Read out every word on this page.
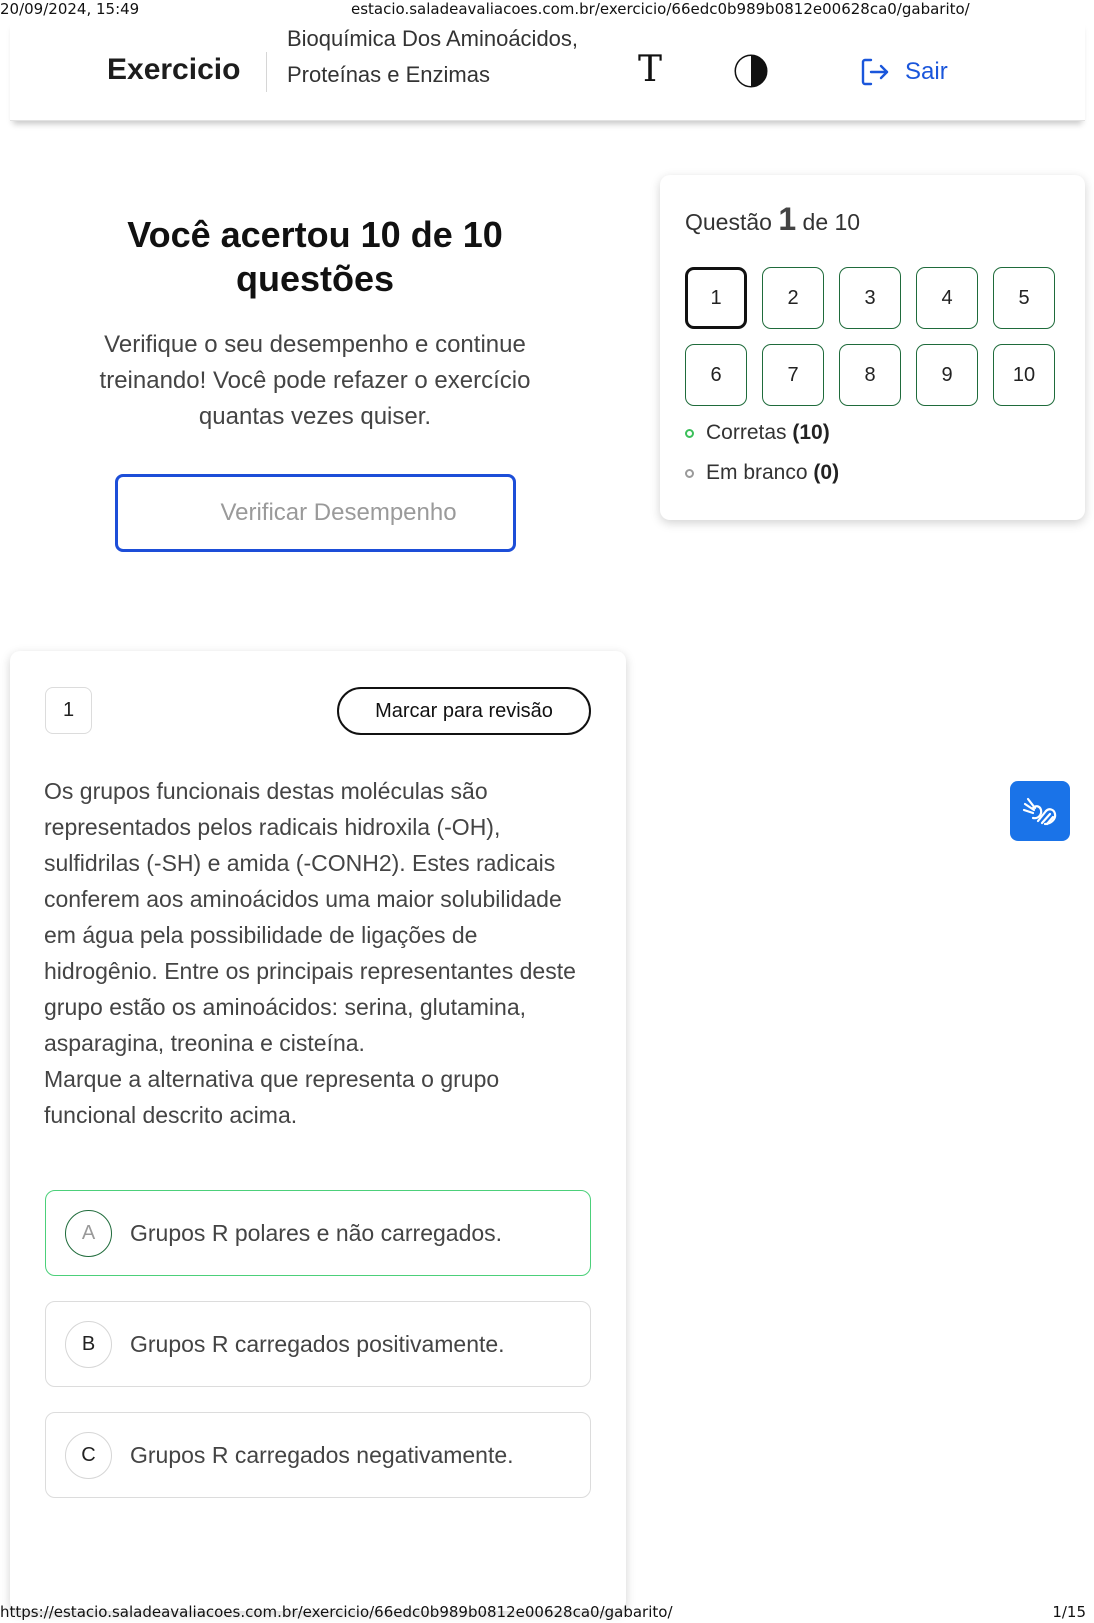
20/09/2024, 15:49	estacio.saladeavaliacoes.com.br/exercicio/66edc0b989b0812e00628ca0/gabarito/
Exercicio
Bioquímica Dos Aminoácidos, Proteínas e Enzimas	T	Sair
Você acertou 10 de 10 questões
Verifique o seu desempenho e continue treinando! Você pode refazer o exercício quantas vezes quiser.
Verificar Desempenho
Questão 1 de 10
1	2	3	4	5
6	7	8	9	10
Corretas (10)
Em branco (0)
1	Marcar para revisão

Os grupos funcionais destas moléculas são representados pelos radicais hidroxila (-OH), sulfidrilas (-SH) e amida (-CONH2). Estes radicais conferem aos aminoácidos uma maior solubilidade em água pela possibilidade de ligações de hidrogênio. Entre os principais representantes deste grupo estão os aminoácidos: serina, glutamina, asparagina, treonina e cisteína.

Marque a alternativa que representa o grupo funcional descrito acima.

A	Grupos R polares e não carregados.
B	Grupos R carregados positivamente.
C	Grupos R carregados negativamente.
https://estacio.saladeavaliacoes.com.br/exercicio/66edc0b989b0812e00628ca0/gabarito/	1/15
